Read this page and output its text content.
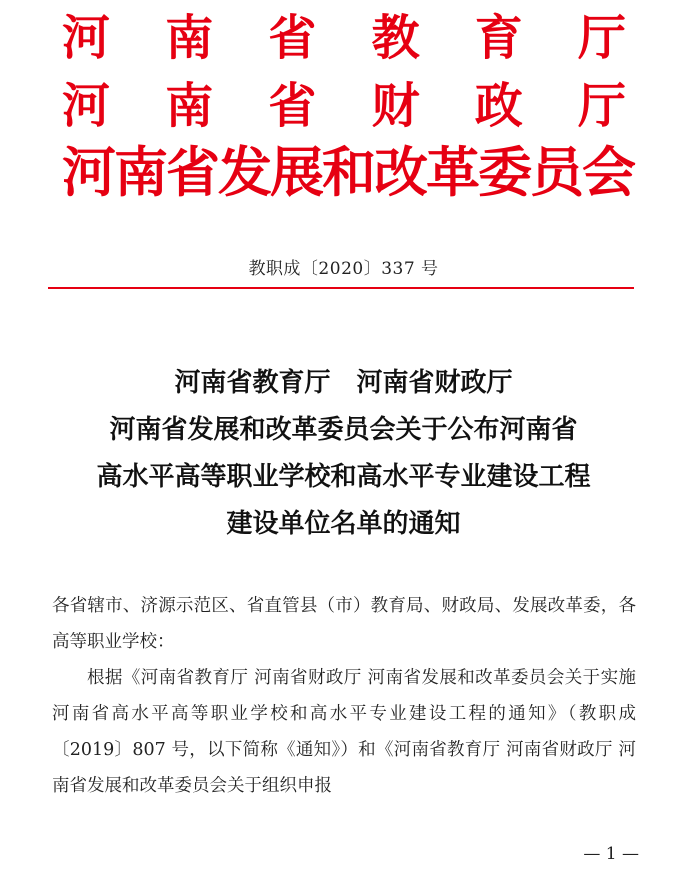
河 南 省 教 育 厅
河 南 省 财 政 厅
河南省发展和改革委员会
教职成〔2020〕337 号
河南省教育厅　河南省财政厅
河南省发展和改革委员会关于公布河南省
高水平高等职业学校和高水平专业建设工程
建设单位名单的通知

各省辖市、济源示范区、省直管县（市）教育局、财政局、发展改革委，各高等职业学校：

根据《河南省教育厅 河南省财政厅 河南省发展和改革委员会关于实施河南省高水平高等职业学校和高水平专业建设工程的通知》（教职成〔2019〕807 号，以下简称《通知》）和《河南省教育厅 河南省财政厅 河南省发展和改革委员会关于组织申报

— 1 —
